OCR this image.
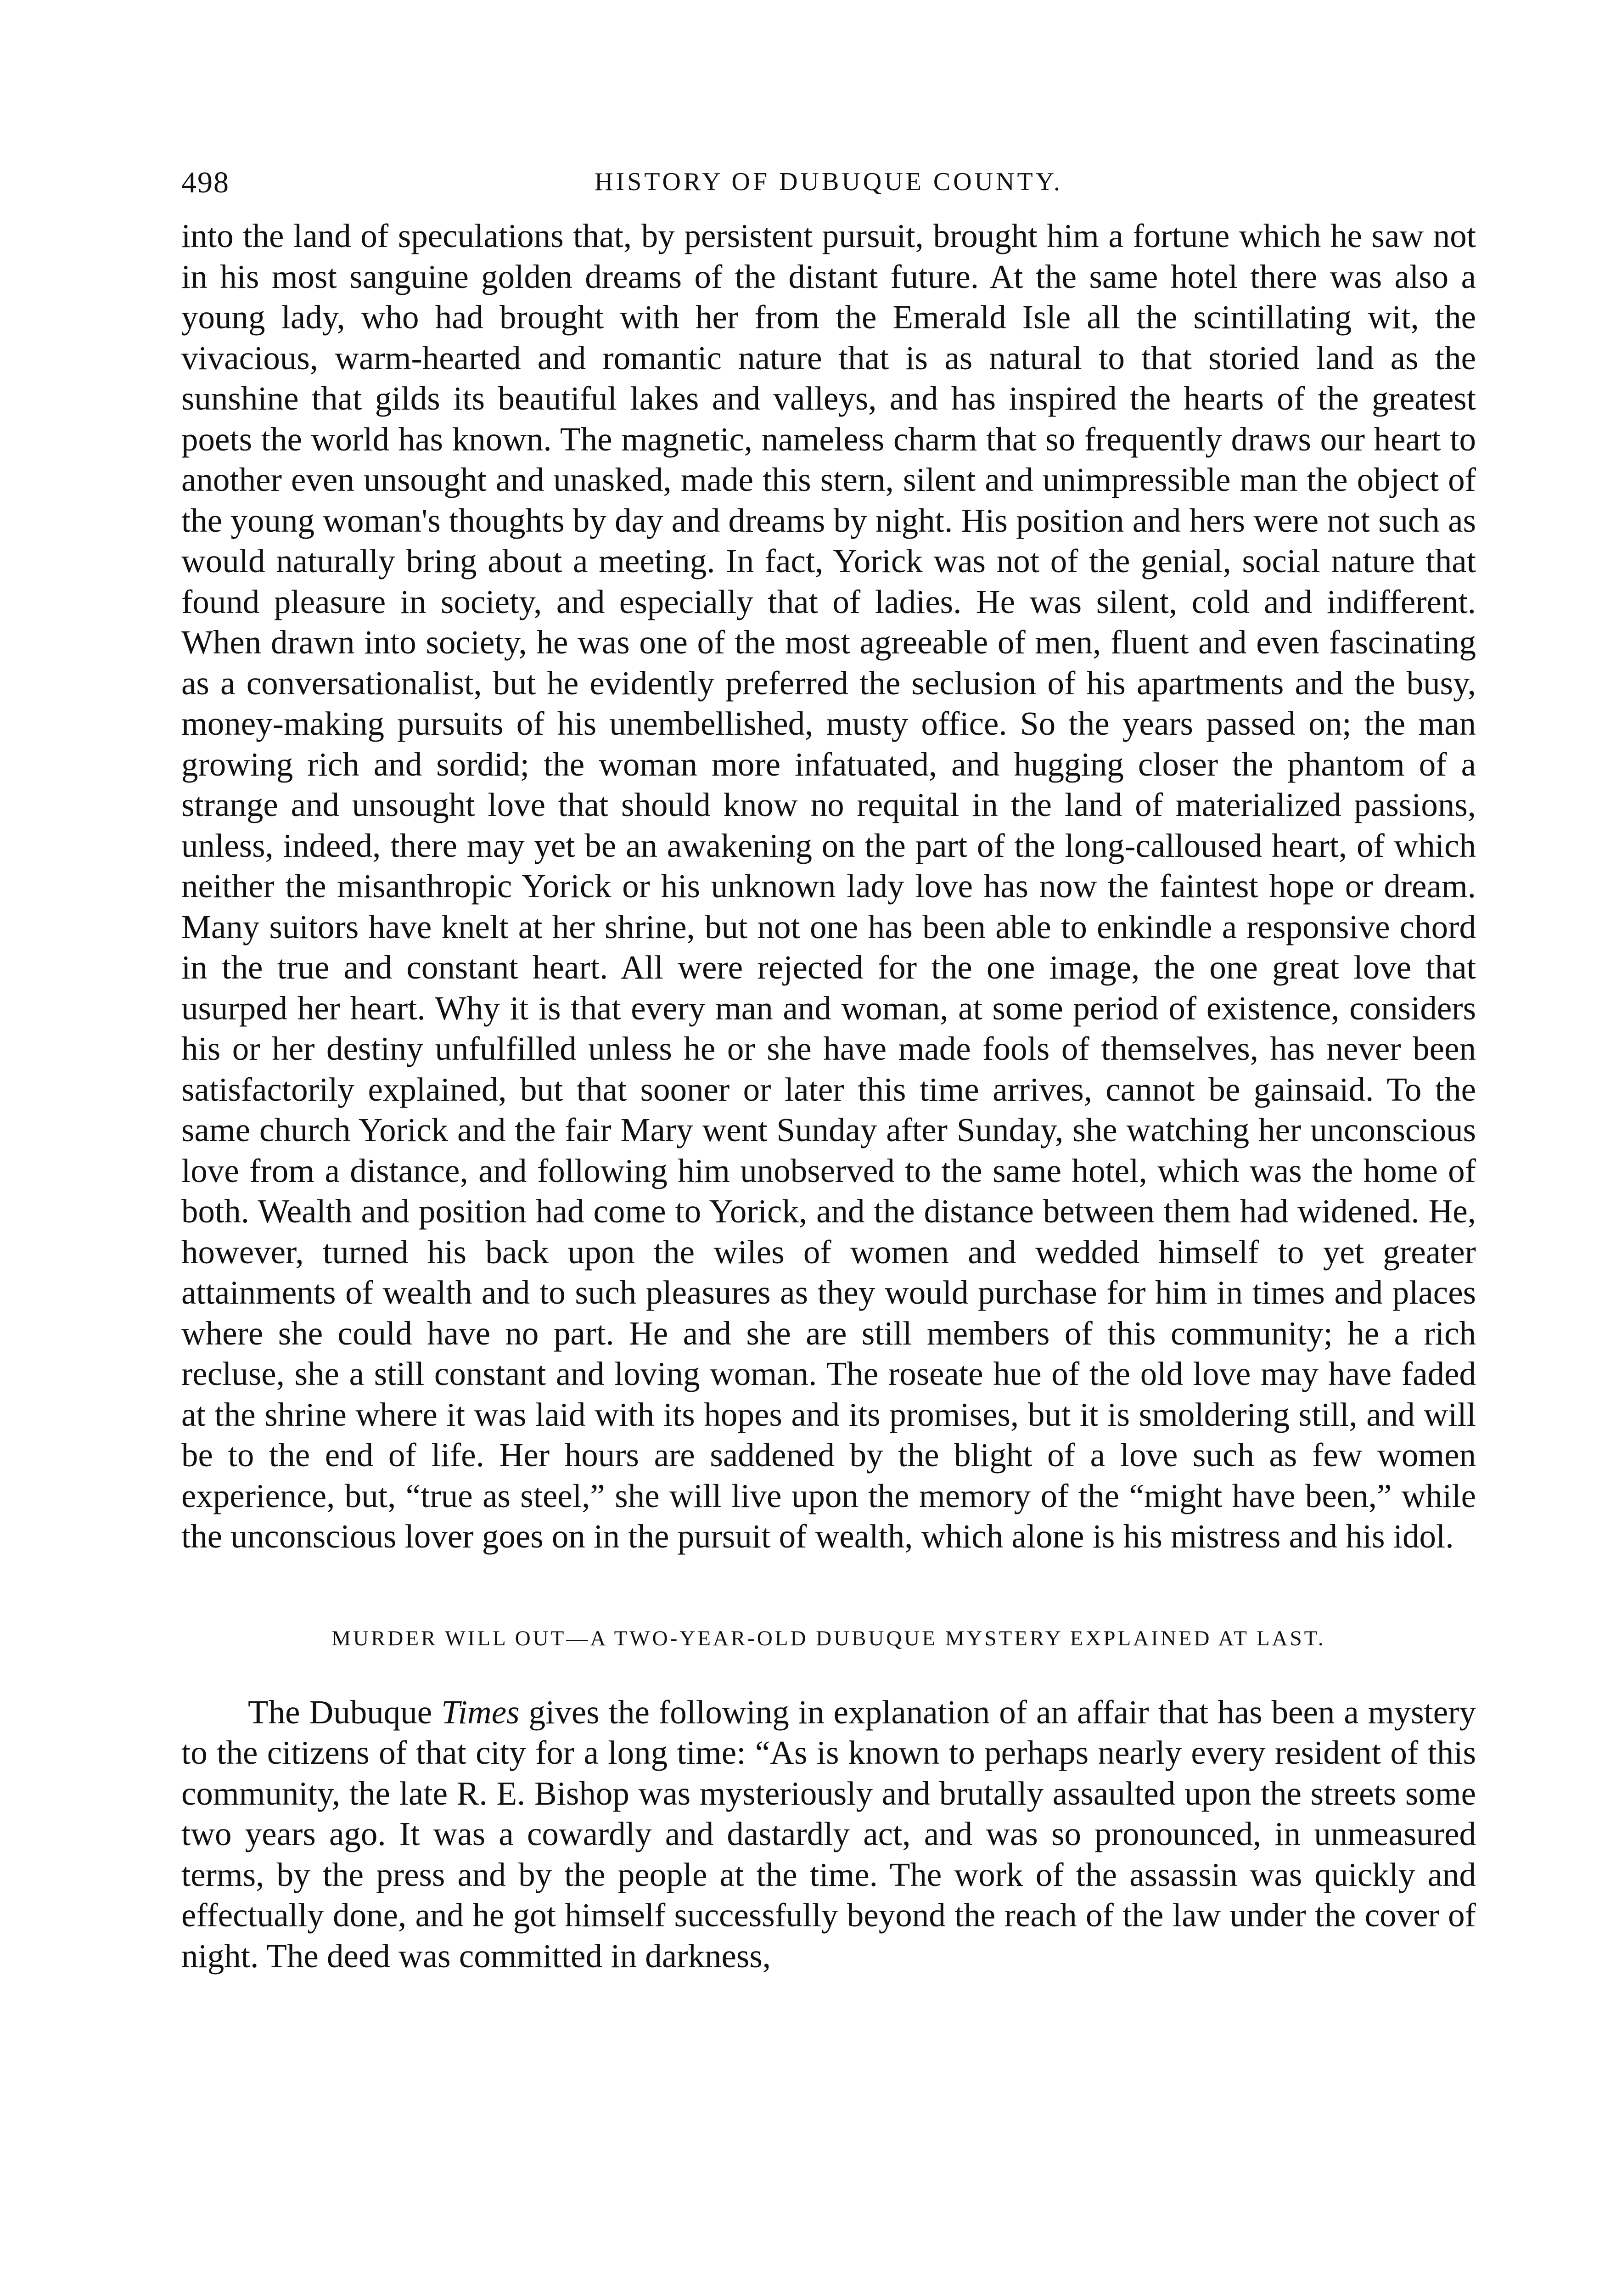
498	HISTORY OF DUBUQUE COUNTY.

into the land of speculations that, by persistent pursuit, brought him a fortune which he saw not in his most sanguine golden dreams of the distant future. At the same hotel there was also a young lady, who had brought with her from the Emerald Isle all the scintillating wit, the vivacious, warm-hearted and romantic nature that is as natural to that storied land as the sunshine that gilds its beautiful lakes and valleys, and has inspired the hearts of the greatest poets the world has known. The magnetic, nameless charm that so frequently draws our heart to another even unsought and unasked, made this stern, silent and unimpressible man the object of the young woman's thoughts by day and dreams by night. His position and hers were not such as would naturally bring about a meeting. In fact, Yorick was not of the genial, social nature that found pleasure in society, and especially that of ladies. He was silent, cold and indifferent. When drawn into society, he was one of the most agreeable of men, fluent and even fascinating as a conversationalist, but he evidently preferred the seclusion of his apartments and the busy, money-making pursuits of his unembellished, musty office. So the years passed on; the man growing rich and sordid; the woman more infatuated, and hugging closer the phantom of a strange and unsought love that should know no requital in the land of materialized passions, unless, indeed, there may yet be an awakening on the part of the long-calloused heart, of which neither the misanthropic Yorick or his unknown lady love has now the faintest hope or dream. Many suitors have knelt at her shrine, but not one has been able to enkindle a responsive chord in the true and constant heart. All were rejected for the one image, the one great love that usurped her heart. Why it is that every man and woman, at some period of existence, considers his or her destiny unfulfilled unless he or she have made fools of themselves, has never been satisfactorily explained, but that sooner or later this time arrives, cannot be gainsaid. To the same church Yorick and the fair Mary went Sunday after Sunday, she watching her unconscious love from a distance, and following him unobserved to the same hotel, which was the home of both. Wealth and position had come to Yorick, and the distance between them had widened. He, however, turned his back upon the wiles of women and wedded himself to yet greater attainments of wealth and to such pleasures as they would purchase for him in times and places where she could have no part. He and she are still members of this community; he a rich recluse, she a still constant and loving woman. The roseate hue of the old love may have faded at the shrine where it was laid with its hopes and its promises, but it is smoldering still, and will be to the end of life. Her hours are saddened by the blight of a love such as few women experience, but, “true as steel,” she will live upon the memory of the “might have been,” while the unconscious lover goes on in the pursuit of wealth, which alone is his mistress and his idol.

MURDER WILL OUT—A TWO-YEAR-OLD DUBUQUE MYSTERY EXPLAINED AT LAST.

The Dubuque Times gives the following in explanation of an affair that has been a mystery to the citizens of that city for a long time: “As is known to perhaps nearly every resident of this community, the late R. E. Bishop was mysteriously and brutally assaulted upon the streets some two years ago. It was a cowardly and dastardly act, and was so pronounced, in unmeasured terms, by the press and by the people at the time. The work of the assassin was quickly and effectually done, and he got himself successfully beyond the reach of the law under the cover of night. The deed was committed in darkness,
